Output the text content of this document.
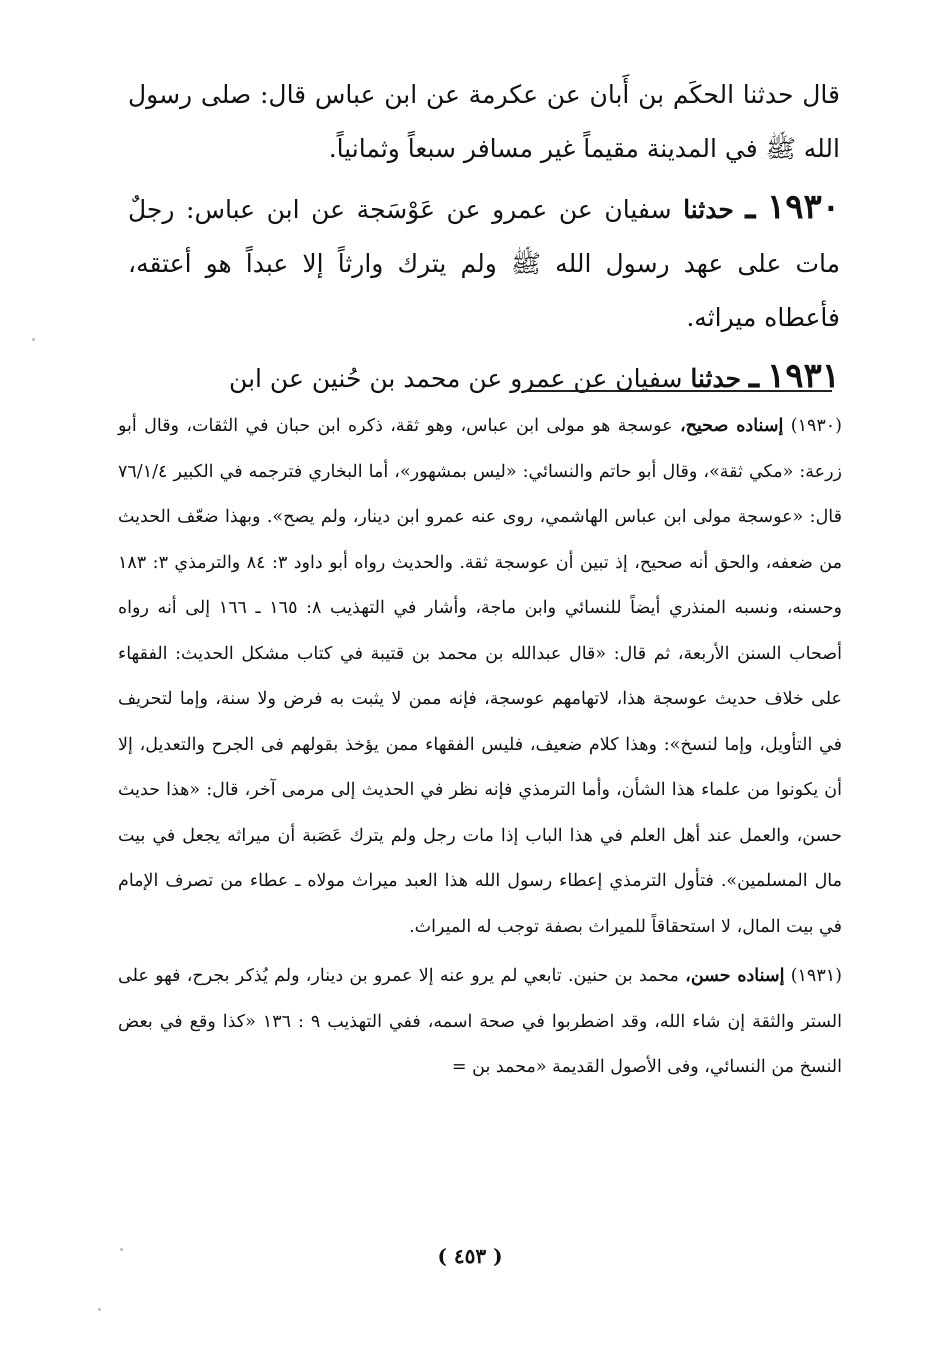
قال حدثنا الحكَم بن أَبان عن عكرمة عن ابن عباس قال: صلى رسول الله ﷺ في المدينة مقيماً غير مسافر سبعاً وثمانياً.

١٩٣٠ ـ حدثنا سفيان عن عمرو عن عَوْسَجة عن ابن عباس: رجلٌ مات على عهد رسول الله ﷺ ولم يترك وارثاً إلا عبداً هو أعتقه، فأعطاه ميراثه.

١٩٣١ ـ حدثنا سفيان عن عمرو عن محمد بن حُنين عن ابن

(١٩٣٠) إسناده صحيح، عوسجة هو مولى ابن عباس، وهو ثقة، ذكره ابن حبان في الثقات، وقال أبو زرعة: «مكي ثقة»، وقال أبو حاتم والنسائي: «ليس بمشهور»، أما البخاري فترجمه في الكبير ٧٦/١/٤ قال: «عوسجة مولى ابن عباس الهاشمي، روى عنه عمرو ابن دينار، ولم يصح». وبهذا ضعّف الحديث من ضعفه، والحق أنه صحيح، إذ تبين أن عوسجة ثقة. والحديث رواه أبو داود ٣: ٨٤ والترمذي ٣: ١٨٣ وحسنه، ونسبه المنذري أيضاً للنسائي وابن ماجة، وأشار في التهذيب ٨: ١٦٥ ـ ١٦٦ إلى أنه رواه أصحاب السنن الأربعة، ثم قال: «قال عبدالله بن محمد بن قتيبة في كتاب مشكل الحديث: الفقهاء على خلاف حديث عوسجة هذا، لاتهامهم عوسجة، فإنه ممن لا يثبت به فرض ولا سنة، وإما لتحريف في التأويل، وإما لنسخ»: وهذا كلام ضعيف، فليس الفقهاء ممن يؤخذ بقولهم فى الجرح والتعديل، إلا أن يكونوا من علماء هذا الشأن، وأما الترمذي فإنه نظر في الحديث إلى مرمى آخر، قال: «هذا حديث حسن، والعمل عند أهل العلم في هذا الباب إذا مات رجل ولم يترك عَصَبة أن ميراثه يجعل في بيت مال المسلمين». فتأول الترمذي إعطاء رسول الله هذا العبد ميراث مولاه ـ عطاء من تصرف الإمام في بيت المال، لا استحقاقاً للميراث بصفة توجب له الميراث.

(١٩٣١) إسناده حسن، محمد بن حنين. تابعي لم يرو عنه إلا عمرو بن دينار، ولم يُذكر بجرح، فهو على الستر والثقة إن شاء الله، وقد اضطربوا في صحة اسمه، ففي التهذيب ٩ : ١٣٦ «كذا وقع في بعض النسخ من النسائي، وفى الأصول القديمة «محمد بن =

( ٤٥٣ )
